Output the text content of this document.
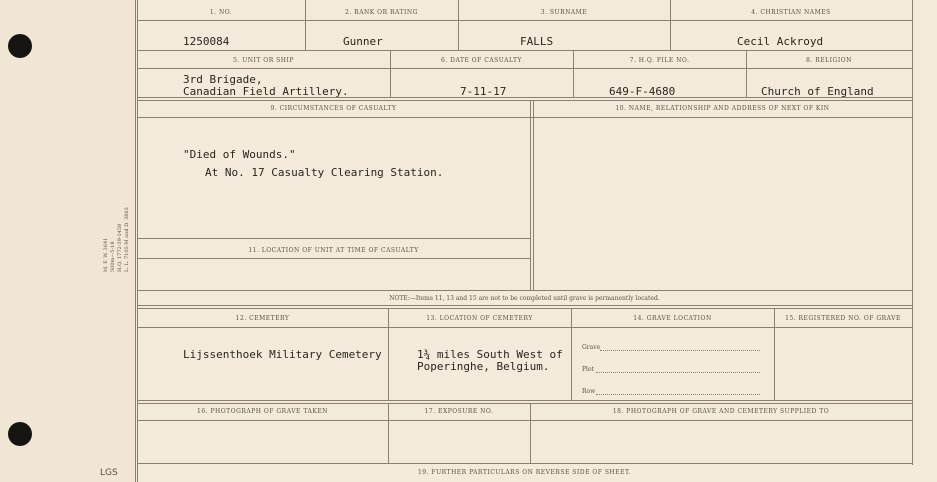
M. F. W. 2641 500m—5-18 H.Q. 1772-39-1458 L. L. 7105-M and D. 3863
LGS
1. NO.	2. RANK OR RATING	3. SURNAME	4. CHRISTIAN NAMES
1250084	Gunner	FALLS	Cecil Ackroyd
5. UNIT OR SHIP	6. DATE OF CASUALTY	7. H.Q. FILE NO.	8. RELIGION
3rd Brigade,
Canadian Field Artillery.	7-11-17	649-F-4680	Church of England
9. CIRCUMSTANCES OF CASUALTY	10. NAME, RELATIONSHIP AND ADDRESS OF NEXT OF KIN
"Died of Wounds."
At No. 17 Casualty Clearing Station.
11. LOCATION OF UNIT AT TIME OF CASUALTY
NOTE:—Items 11, 13 and 15 are not to be completed until grave is permanently located.
12. CEMETERY	13. LOCATION OF CEMETERY	14. GRAVE LOCATION	15. REGISTERED NO. OF GRAVE
Lijssenthoek Military Cemetery	1¾ miles South West of
Poperinghe, Belgium.
Grave
Plot
Row
16. PHOTOGRAPH OF GRAVE TAKEN	17. EXPOSURE NO.	18. PHOTOGRAPH OF GRAVE AND CEMETERY SUPPLIED TO
19. FURTHER PARTICULARS ON REVERSE SIDE OF SHEET.
